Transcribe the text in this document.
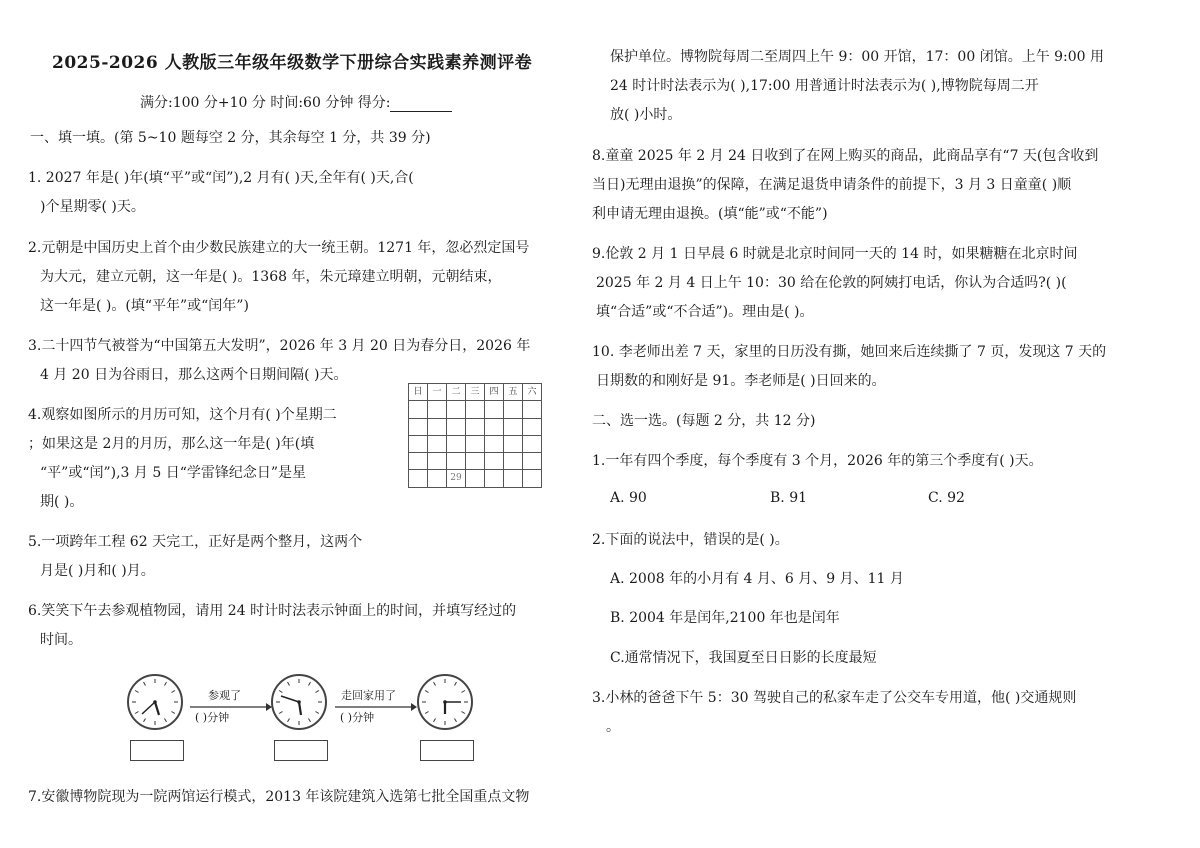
2025-2026 人教版三年级年级数学下册综合实践素养测评卷
满分:100 分+10 分 时间:60 分钟 得分:
一、填一填。(第 5~10 题每空 2 分，其余每空 1 分，共 39 分)
1. 2027 年是( )年(填“平”或“闰”),2 月有( )天,全年有( )天,合(
)个星期零( )天。
2.元朝是中国历史上首个由少数民族建立的大一统王朝。1271 年，忽必烈定国号
为大元，建立元朝，这一年是( )。1368 年，朱元璋建立明朝，元朝结束，
这一年是( )。(填“平年”或“闰年”)
3.二十四节气被誉为“中国第五大发明”，2026 年 3 月 20 日为春分日，2026 年
4 月 20 日为谷雨日，那么这两个日期间隔( )天。
4.观察如图所示的月历可知，这个月有( )个星期二
；如果这是 2月的月历，那么这一年是( )年(填
“平”或“闰”),3 月 5 日“学雷锋纪念日”是星
期( )。
日	一	二	三	四	五	六

		29				
5.一项跨年工程 62 天完工，正好是两个整月，这两个
月是( )月和( )月。
6.笑笑下午去参观植物园，请用 24 时计时法表示钟面上的时间，并填写经过的
时间。
参观了
( )分钟
走回家用了
( )分钟
7.安徽博物院现为一院两馆运行模式，2013 年该院建筑入选第七批全国重点文物
保护单位。博物院每周二至周四上午 9：00 开馆，17：00 闭馆。上午 9:00 用
24 时计时法表示为( ),17:00 用普通计时法表示为( ),博物院每周二开
放( )小时。
8.童童 2025 年 2 月 24 日收到了在网上购买的商品，此商品享有“7 天(包含收到
当日)无理由退换”的保障，在满足退货申请条件的前提下，3 月 3 日童童( )顺
利申请无理由退换。(填“能”或“不能”)
9.伦敦 2 月 1 日早晨 6 时就是北京时间同一天的 14 时，如果糖糖在北京时间
2025 年 2 月 4 日上午 10：30 给在伦敦的阿姨打电话，你认为合适吗?( )(
填“合适”或“不合适”)。理由是( )。
10. 李老师出差 7 天，家里的日历没有撕，她回来后连续撕了 7 页，发现这 7 天的
日期数的和刚好是 91。李老师是( )日回来的。
二、选一选。(每题 2 分，共 12 分)
1.一年有四个季度，每个季度有 3 个月，2026 年的第三个季度有( )天。
A. 90	B. 91	C. 92
2.下面的说法中，错误的是( )。
A. 2008 年的小月有 4 月、6 月、9 月、11 月
B. 2004 年是闰年,2100 年也是闰年
C.通常情况下，我国夏至日日影的长度最短
3.小林的爸爸下午 5：30 驾驶自己的私家车走了公交车专用道，他( )交通规则
。
